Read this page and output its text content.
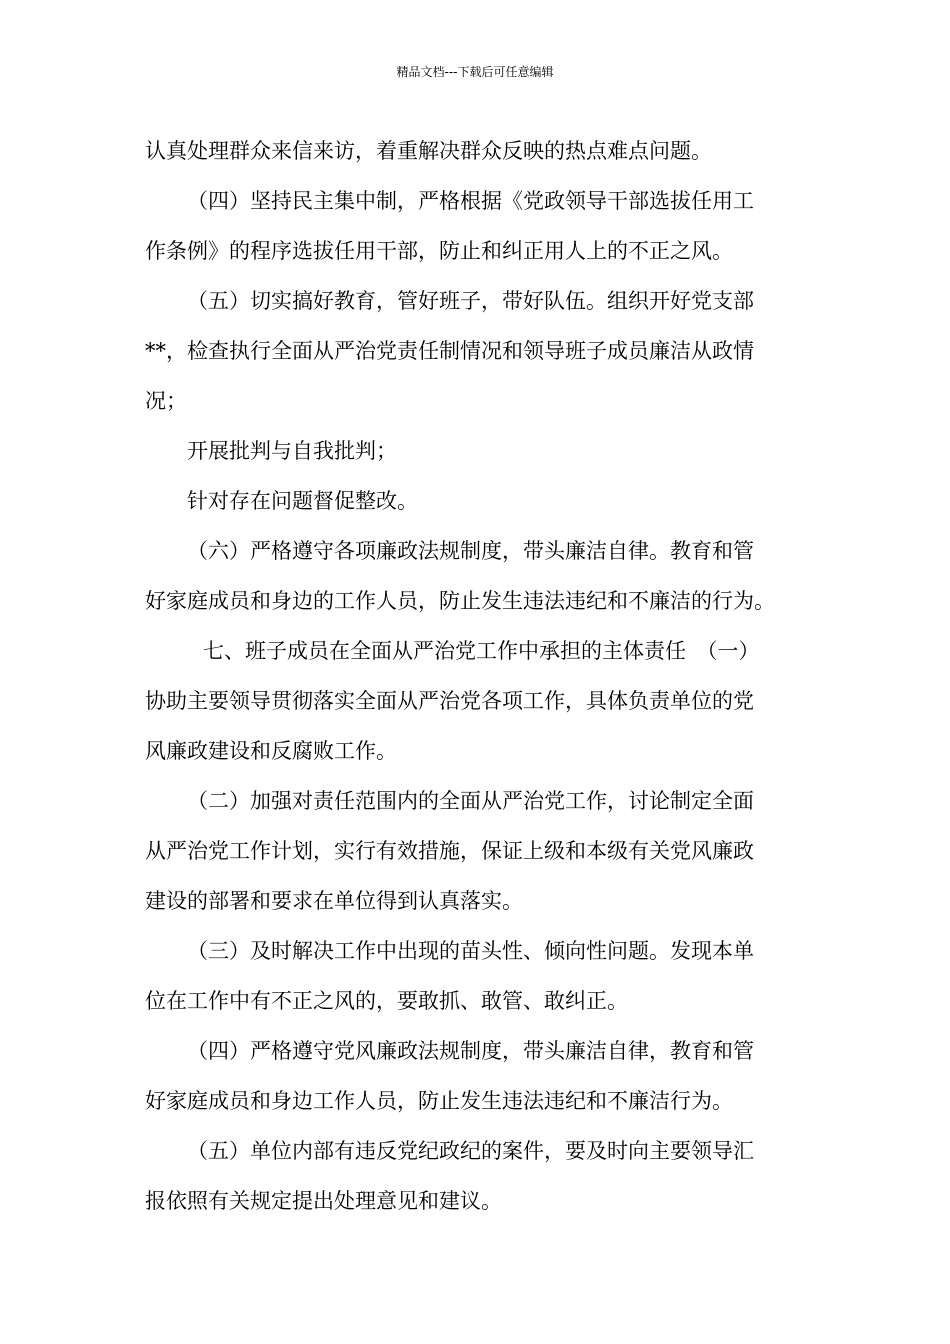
精品文档---下载后可任意编辑

认真处理群众来信来访，着重解决群众反映的热点难点问题。

（四）坚持民主集中制，严格根据《党政领导干部选拔任用工

作条例》的程序选拔任用干部，防止和纠正用人上的不正之风。

（五）切实搞好教育，管好班子，带好队伍。组织开好党支部

**，检查执行全面从严治党责任制情况和领导班子成员廉洁从政情

况；

开展批判与自我批判；

针对存在问题督促整改。

（六）严格遵守各项廉政法规制度，带头廉洁自律。教育和管

好家庭成员和身边的工作人员，防止发生违法违纪和不廉洁的行为。

七、班子成员在全面从严治党工作中承担的主体责任　（一）

协助主要领导贯彻落实全面从严治党各项工作，具体负责单位的党

风廉政建设和反腐败工作。

（二）加强对责任范围内的全面从严治党工作，讨论制定全面

从严治党工作计划，实行有效措施，保证上级和本级有关党风廉政

建设的部署和要求在单位得到认真落实。

（三）及时解决工作中出现的苗头性、倾向性问题。发现本单

位在工作中有不正之风的，要敢抓、敢管、敢纠正。

（四）严格遵守党风廉政法规制度，带头廉洁自律，教育和管

好家庭成员和身边工作人员，防止发生违法违纪和不廉洁行为。

（五）单位内部有违反党纪政纪的案件，要及时向主要领导汇

报依照有关规定提出处理意见和建议。
